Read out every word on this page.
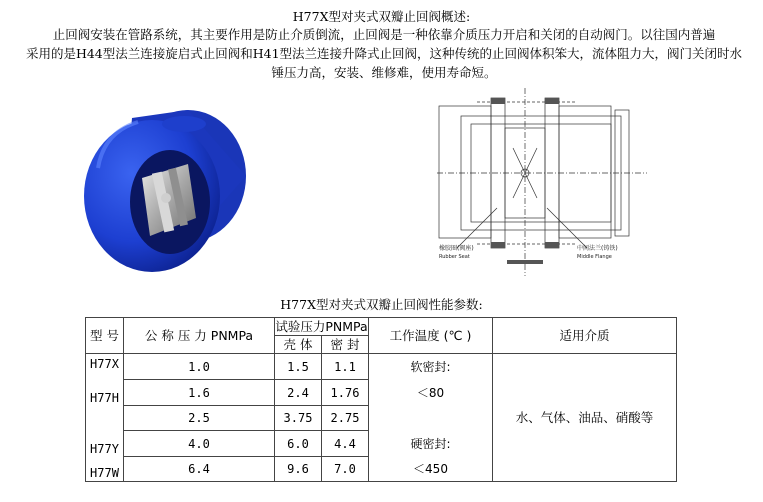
H77X型对夹式双瓣止回阀概述:
止回阀安装在管路系统，其主要作用是防止介质倒流，止回阀是一种依靠介质压力开启和关闭的自动阀门。以往国内普遍
采用的是H44型法兰连接旋启式止回阀和H41型法兰连接升降式止回阀，这种传统的止回阀体积笨大，流体阻力大，阀门关闭时水
锤压力高，安装、维修难，使用寿命短。
橡胶圈(阀座)
Rubber Seat
中间法兰(铸铁)
Middle Flange
H77X型对夹式双瓣止回阀性能参数:
型 号	公 称 压 力 PNMPa	试验压力PNMPa		工作温度 (℃ )	适用介质
		壳 体	密 封		
H77X	1.0	1.5	1.1	软密封:	水、气体、油品、硝酸等
H77H	1.6	2.4	1.76	＜80	
	2.5	3.75	2.75		
H77Y	4.0	6.0	4.4	硬密封:	
H77W	6.4	9.6	7.0	＜450	
